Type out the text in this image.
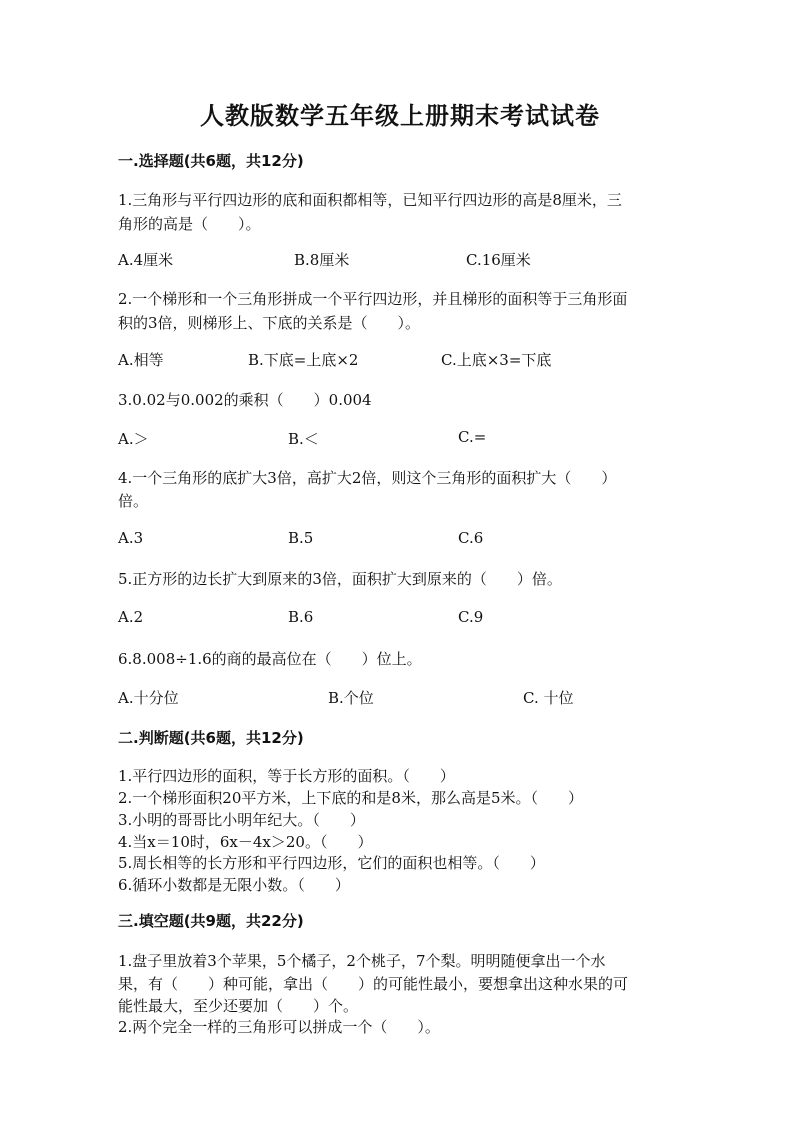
人教版数学五年级上册期末考试试卷
一.选择题(共6题，共12分)
1.三角形与平行四边形的底和面积都相等，已知平行四边形的高是8厘米，三
角形的高是（　　）。
A.4厘米	B.8厘米	C.16厘米
2.一个梯形和一个三角形拼成一个平行四边形，并且梯形的面积等于三角形面
积的3倍，则梯形上、下底的关系是（　　）。
A.相等	B.下底=上底×2	C.上底×3=下底
3.0.02与0.002的乘积（　　）0.004
A.＞	B.＜	C.=
4.一个三角形的底扩大3倍，高扩大2倍，则这个三角形的面积扩大（　　）
倍。
A.3	B.5	C.6
5.正方形的边长扩大到原来的3倍，面积扩大到原来的（　　）倍。
A.2	B.6	C.9
6.8.008÷1.6的商的最高位在（　　）位上。
A.十分位	B.个位	C. 十位
二.判断题(共6题，共12分)
1.平行四边形的面积，等于长方形的面积。（　　）
2.一个梯形面积20平方米，上下底的和是8米，那么高是5米。（　　）
3.小明的哥哥比小明年纪大。（　　）
4.当x＝10时，6x－4x＞20。（　　）
5.周长相等的长方形和平行四边形，它们的面积也相等。（　　）
6.循环小数都是无限小数。（　　）
三.填空题(共9题，共22分)
1.盘子里放着3个苹果，5个橘子，2个桃子，7个梨。明明随便拿出一个水
果，有（　　）种可能，拿出（　　）的可能性最小，要想拿出这种水果的可
能性最大，至少还要加（　　）个。
2.两个完全一样的三角形可以拼成一个（　　）。
